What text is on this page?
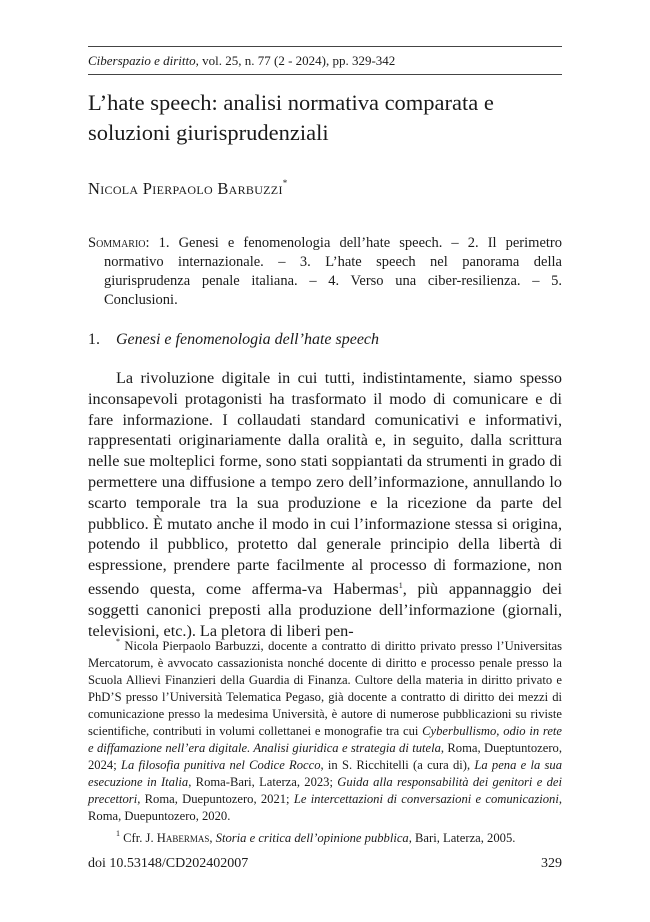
Ciberspazio e diritto, vol. 25, n. 77 (2 - 2024), pp. 329-342
L’hate speech: analisi normativa comparata e soluzioni giurisprudenziali
Nicola Pierpaolo Barbuzzi*
Sommario: 1. Genesi e fenomenologia dell’hate speech. – 2. Il perimetro normativo internazionale. – 3. L’hate speech nel panorama della giurisprudenza penale italiana. – 4. Verso una ciber-resilienza. – 5. Conclusioni.
1. Genesi e fenomenologia dell’hate speech

La rivoluzione digitale in cui tutti, indistintamente, siamo spesso inconsapevoli protagonisti ha trasformato il modo di comunicare e di fare informazione. I collaudati standard comunicativi e informativi, rappresentati originariamente dalla oralità e, in seguito, dalla scrittura nelle sue molteplici forme, sono stati soppiantati da strumenti in grado di permettere una diffusione a tempo zero dell’informazione, annullando lo scarto temporale tra la sua produzione e la ricezione da parte del pubblico. È mutato anche il modo in cui l’informazione stessa si origina, potendo il pubblico, protetto dal generale principio della libertà di espressione, prendere parte facilmente al processo di formazione, non essendo questa, come afferma-va Habermas$^1$, più appannaggio dei soggetti canonici preposti alla produzione dell’informazione (giornali, televisioni, etc.). La pletora di liberi pen-

* Nicola Pierpaolo Barbuzzi, docente a contratto di diritto privato presso l’Universitas Mercatorum, è avvocato cassazionista nonché docente di diritto e processo penale presso la Scuola Allievi Finanzieri della Guardia di Finanza. Cultore della materia in diritto privato e PhD’S presso l’Università Telematica Pegaso, già docente a contratto di diritto dei mezzi di comunicazione presso la medesima Università, è autore di numerose pubblicazioni su riviste scientifiche, contributi in volumi collettanei e monografie tra cui Cyberbullismo, odio in rete e diffamazione nell’era digitale. Analisi giuridica e strategia di tutela, Roma, Dueptuntozero, 2024; La filosofia punitiva nel Codice Rocco, in S. Ricchitelli (a cura di), La pena e la sua esecuzione in Italia, Roma-Bari, Laterza, 2023; Guida alla responsabilità dei genitori e dei precettori, Roma, Duepuntozero, 2021; Le intercettazioni di conversazioni e comunicazioni, Roma, Duepuntozero, 2020.

$^1$ Cfr. J. Habermas, Storia e critica dell’opinione pubblica, Bari, Laterza, 2005.

doi 10.53148/CD202402007	329
